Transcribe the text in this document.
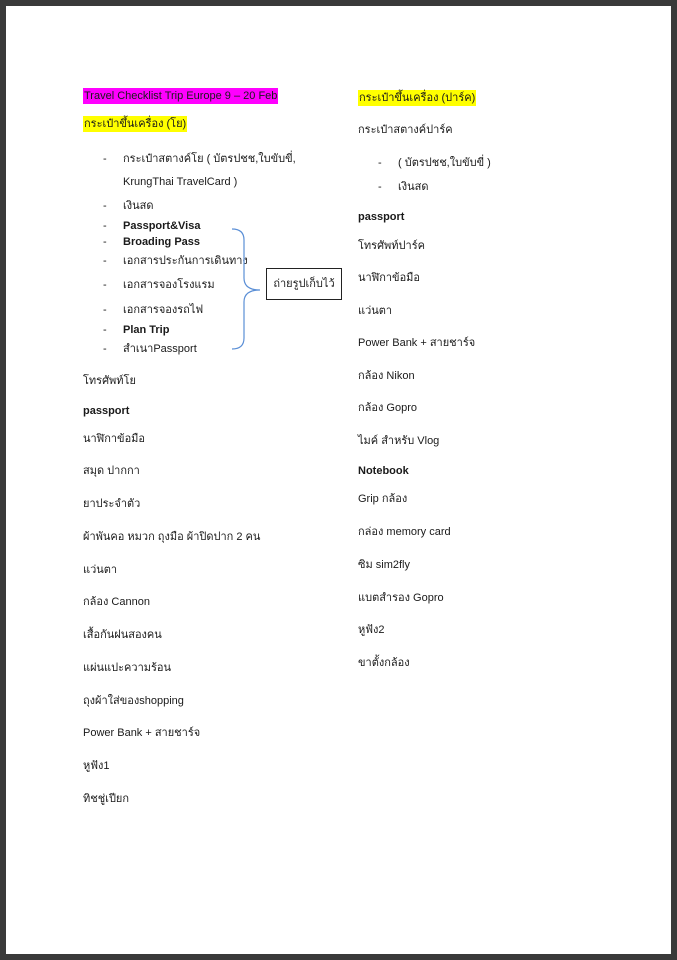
Travel Checklist Trip Europe 9 – 20 Feb
กระเป๋าขึ้นเครื่อง (โย)
- กระเป๋าสตางค์โย ( บัตรปชช,ใบขับขี่,
KrungThai TravelCard )
- เงินสด
- Passport&Visa
- Broading Pass
- เอกสารประกันการเดินทาง
- เอกสารจองโรงแรม
- เอกสารจองรถไฟ
- Plan Trip
- สำเนาPassport
ถ่ายรูปเก็บไว้
โทรศัพท์โย
passport
นาฬิกาข้อมือ
สมุด ปากกา
ยาประจำตัว
ผ้าพันคอ หมวก ถุงมือ ผ้าปิดปาก 2 คน
แว่นตา
กล้อง Cannon
เสื้อกันฝนสองคน
แผ่นแปะความร้อน
ถุงผ้าใส่ของshopping
Power Bank + สายชาร์จ
หูฟัง1
ทิชชู่เปียก
กระเป๋าขึ้นเครื่อง (ปาร์ค)
กระเป๋าสตางค์ปาร์ค
- ( บัตรปชช,ใบขับขี่ )
- เงินสด
passport
โทรศัพท์ปาร์ค
นาฬิกาข้อมือ
แว่นตา
Power Bank + สายชาร์จ
กล้อง Nikon
กล้อง Gopro
ไมค์ สำหรับ Vlog
Notebook
Grip กล้อง
กล่อง memory card
ซิม sim2fly
แบตสำรอง Gopro
หูฟัง2
ขาตั้งกล้อง
